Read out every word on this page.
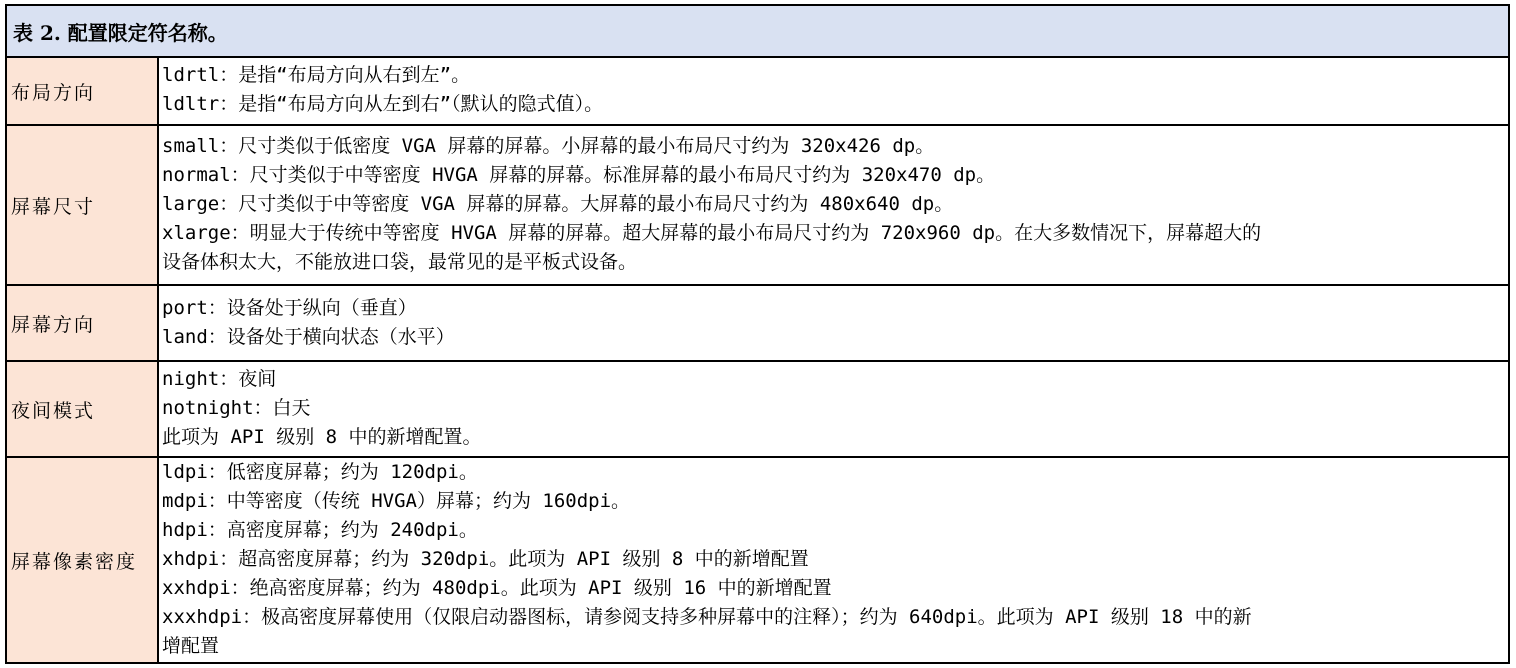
表 2. 配置限定符名称。
布局方向
ldrtl：是指“布局方向从右到左”。
ldltr：是指“布局方向从左到右”（默认的隐式值）。
屏幕尺寸
small：尺寸类似于低密度 VGA 屏幕的屏幕。小屏幕的最小布局尺寸约为 320x426 dp。
normal：尺寸类似于中等密度 HVGA 屏幕的屏幕。标准屏幕的最小布局尺寸约为 320x470 dp。
large：尺寸类似于中等密度 VGA 屏幕的屏幕。大屏幕的最小布局尺寸约为 480x640 dp。
xlarge：明显大于传统中等密度 HVGA 屏幕的屏幕。超大屏幕的最小布局尺寸约为 720x960 dp。在大多数情况下，屏幕超大的
设备体积太大，不能放进口袋，最常见的是平板式设备。
屏幕方向
port：设备处于纵向（垂直）
land：设备处于横向状态（水平）
夜间模式
night：夜间
notnight：白天
此项为 API 级别 8 中的新增配置。
屏幕像素密度
ldpi：低密度屏幕；约为 120dpi。
mdpi：中等密度（传统 HVGA）屏幕；约为 160dpi。
hdpi：高密度屏幕；约为 240dpi。
xhdpi：超高密度屏幕；约为 320dpi。此项为 API 级别 8 中的新增配置
xxhdpi：绝高密度屏幕；约为 480dpi。此项为 API 级别 16 中的新增配置
xxxhdpi：极高密度屏幕使用（仅限启动器图标，请参阅支持多种屏幕中的注释）；约为 640dpi。此项为 API 级别 18 中的新
增配置
